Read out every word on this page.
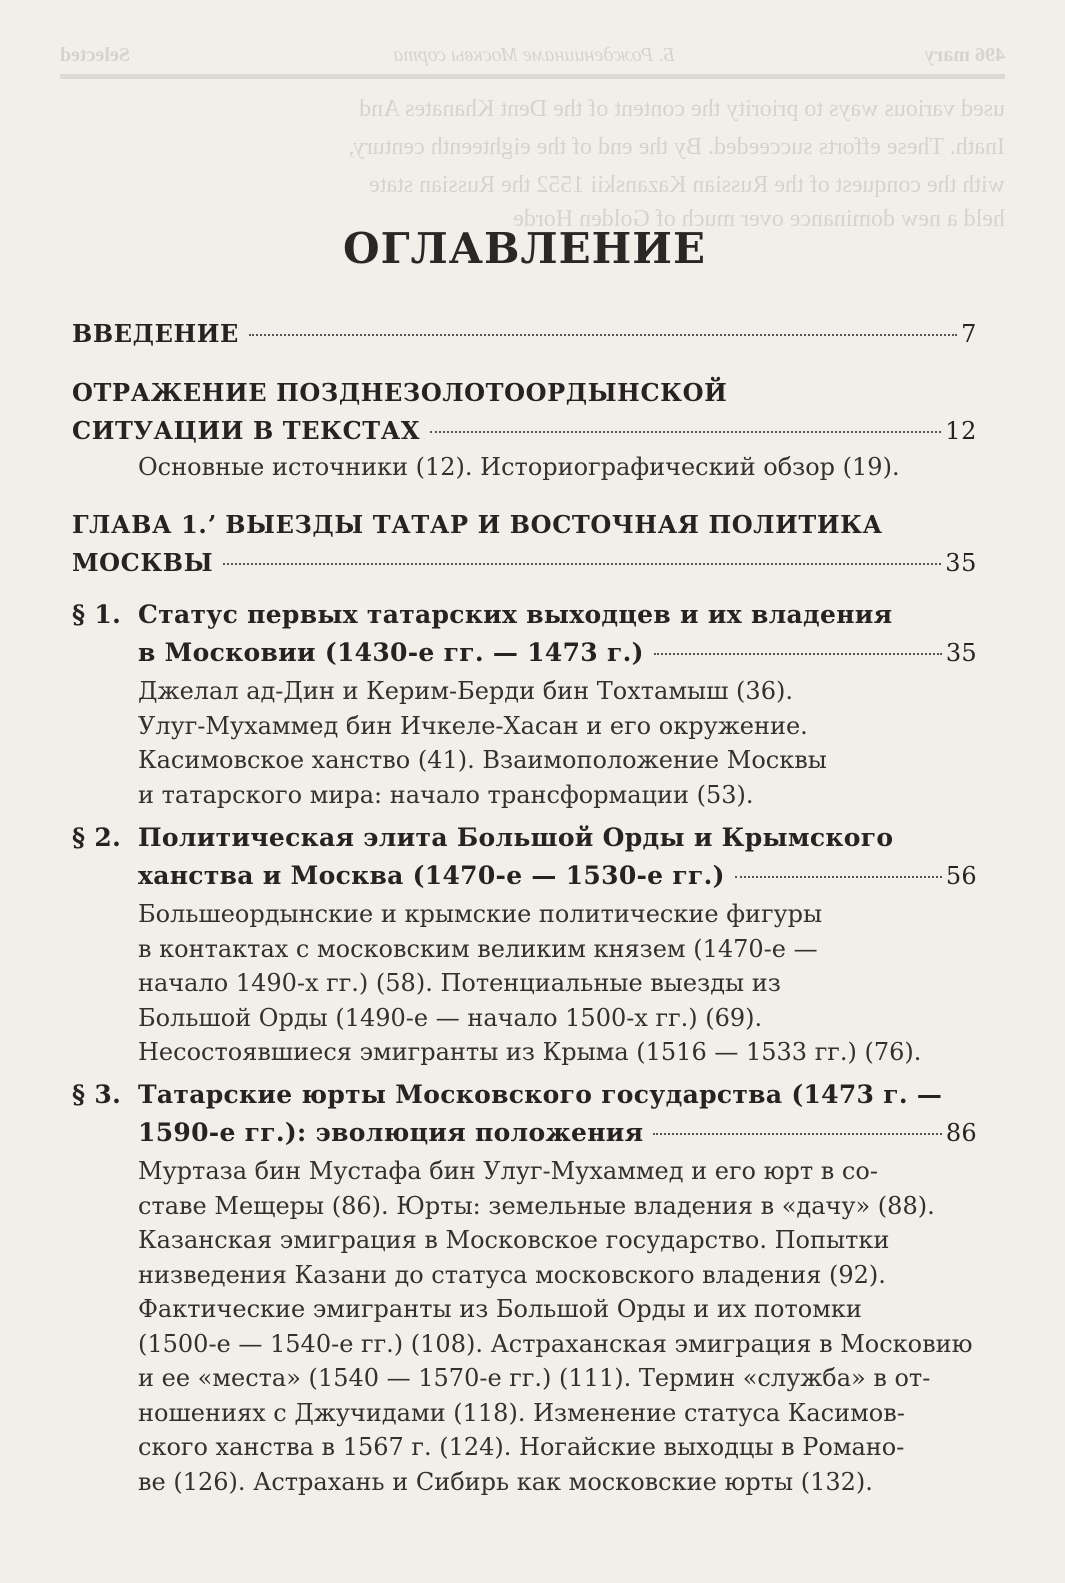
496 mary
Б. Рождениинаме Москвы сорта
Selected
used various ways to priority the content of the Dent Khanates And
Inath. These efforts succeeded. By the end of the eighteenth century,
with the conquest of the Russian Kazanskii 1552 the Russian state
held a new dominance over much of Golden Horde
ОГЛАВЛЕНИЕ
ВВЕДЕНИЕ	7
ОТРАЖЕНИЕ ПОЗДНЕЗОЛОТООРДЫНСКОЙ
СИТУАЦИИ В ТЕКСТАХ	12
Основные источники (12). Историографический обзор (19).
ГЛАВА 1.ʼ ВЫЕЗДЫ ТАТАР И ВОСТОЧНАЯ ПОЛИТИКА
МОСКВЫ	35
§ 1. Статус первых татарских выходцев и их владения
в Московии (1430-е гг. — 1473 г.)	35
Джелал ад-Дин и Керим-Берди бин Тохтамыш (36).
Улуг-Мухаммед бин Ичкеле-Хасан и его окружение.
Касимовское ханство (41). Взаимоположение Москвы
и татарского мира: начало трансформации (53).
§ 2. Политическая элита Большой Орды и Крымского
ханства и Москва (1470-е — 1530-е гг.)	56
Большеордынские и крымские политические фигуры
в контактах с московским великим князем (1470-е —
начало 1490-х гг.) (58). Потенциальные выезды из
Большой Орды (1490-е — начало 1500-х гг.) (69).
Несостоявшиеся эмигранты из Крыма (1516 — 1533 гг.) (76).
§ 3. Татарские юрты Московского государства (1473 г. —
1590-е гг.): эволюция положения	86
Муртаза бин Мустафа бин Улуг-Мухаммед и его юрт в со-
ставе Мещеры (86). Юрты: земельные владения в «дачу» (88).
Казанская эмиграция в Московское государство. Попытки
низведения Казани до статуса московского владения (92).
Фактические эмигранты из Большой Орды и их потомки
(1500-е — 1540-е гг.) (108). Астраханская эмиграция в Московию
и ее «места» (1540 — 1570-е гг.) (111). Термин «служба» в от-
ношениях с Джучидами (118). Изменение статуса Касимов-
ского ханства в 1567 г. (124). Ногайские выходцы в Романо-
ве (126). Астрахань и Сибирь как московские юрты (132).
